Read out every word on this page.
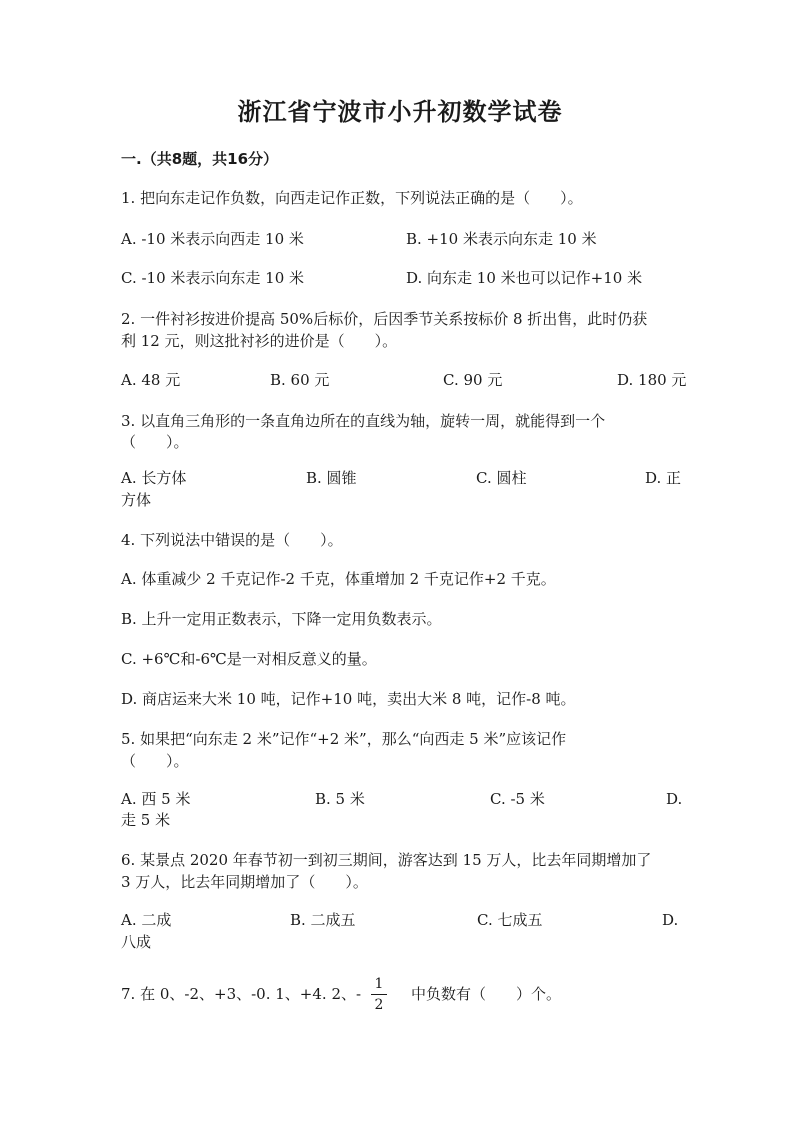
浙江省宁波市小升初数学试卷
一.（共8题，共16分）
1. 把向东走记作负数，向西走记作正数，下列说法正确的是（　　）。
A. -10 米表示向西走 10 米	B. +10 米表示向东走 10 米
C. -10 米表示向东走 10 米	D. 向东走 10 米也可以记作+10 米
2. 一件衬衫按进价提高 50%后标价，后因季节关系按标价 8 折出售，此时仍获
利 12 元，则这批衬衫的进价是（　　）。
A. 48 元	B. 60 元	C. 90 元	D. 180 元
3. 以直角三角形的一条直角边所在的直线为轴，旋转一周，就能得到一个
（　　）。
A. 长方体	B. 圆锥	C. 圆柱	D. 正
方体
4. 下列说法中错误的是（　　）。
A. 体重减少 2 千克记作-2 千克，体重增加 2 千克记作+2 千克。
B. 上升一定用正数表示，下降一定用负数表示。
C. +6℃和-6℃是一对相反意义的量。
D. 商店运来大米 10 吨，记作+10 吨，卖出大米 8 吨，记作-8 吨。
5. 如果把“向东走 2 米”记作“+2 米”，那么“向西走 5 米”应该记作
（　　）。
A. 西 5 米	B. 5 米	C. -5 米	D.
走 5 米
6. 某景点 2020 年春节初一到初三期间，游客达到 15 万人，比去年同期增加了
3 万人，比去年同期增加了（　　）。
A. 二成	B. 二成五	C. 七成五	D.
八成
7. 在 0、-2、+3、-0. 1、+4. 2、-
1
2
中负数有（　　）个。
